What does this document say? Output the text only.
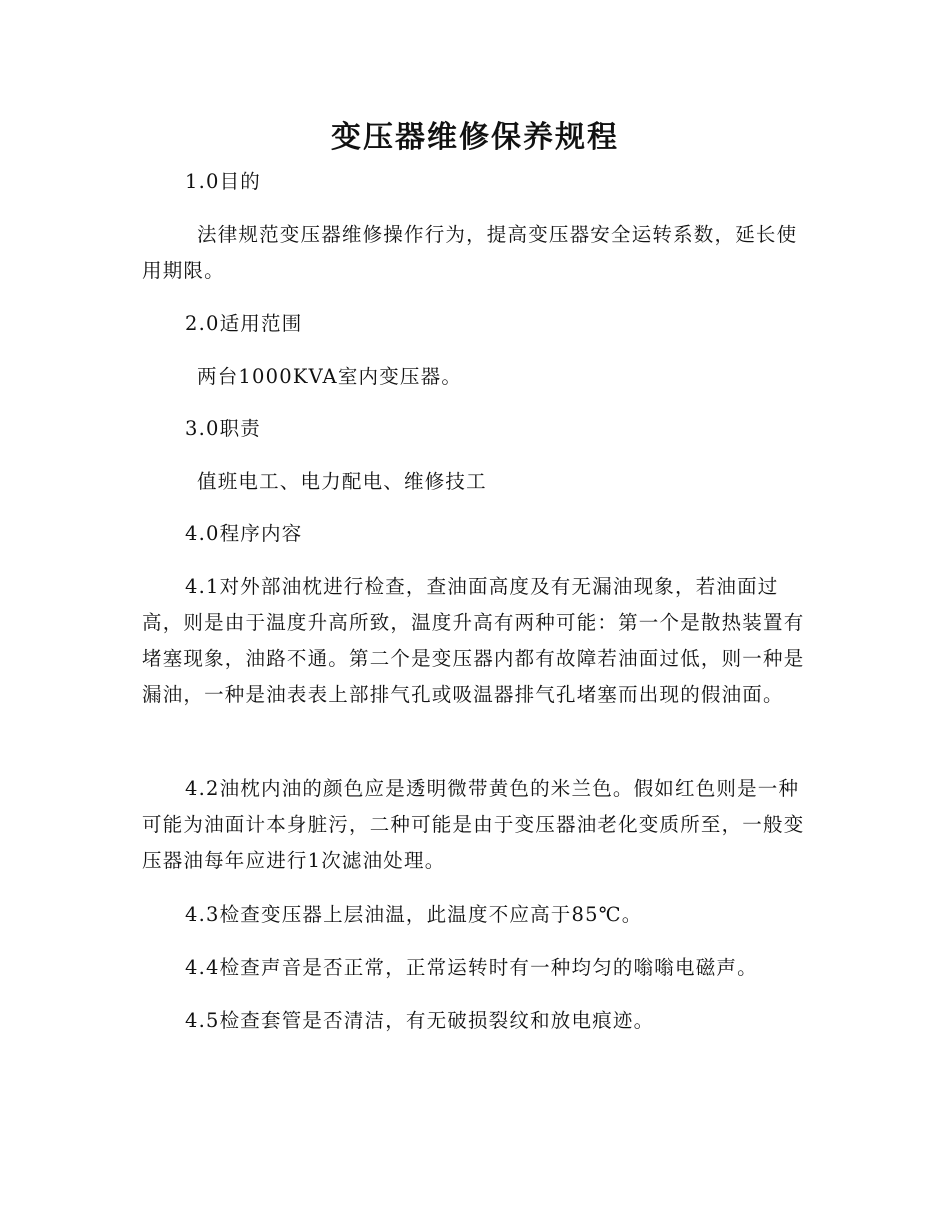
变压器维修保养规程

1.0目的

法律规范变压器维修操作行为，提高变压器安全运转系数，延长使用期限。

2.0适用范围

两台1000KVA室内变压器。

3.0职责

值班电工、电力配电、维修技工

4.0程序内容

4.1对外部油枕进行检查，查油面高度及有无漏油现象，若油面过高，则是由于温度升高所致，温度升高有两种可能：第一个是散热装置有堵塞现象，油路不通。第二个是变压器内都有故障若油面过低，则一种是漏油，一种是油表表上部排气孔或吸温器排气孔堵塞而出现的假油面。

4.2油枕内油的颜色应是透明微带黄色的米兰色。假如红色则是一种可能为油面计本身脏污，二种可能是由于变压器油老化变质所至，一般变压器油每年应进行1次滤油处理。

4.3检查变压器上层油温，此温度不应高于85℃。

4.4检查声音是否正常，正常运转时有一种均匀的嗡嗡电磁声。

4.5检查套管是否清洁，有无破损裂纹和放电痕迹。
